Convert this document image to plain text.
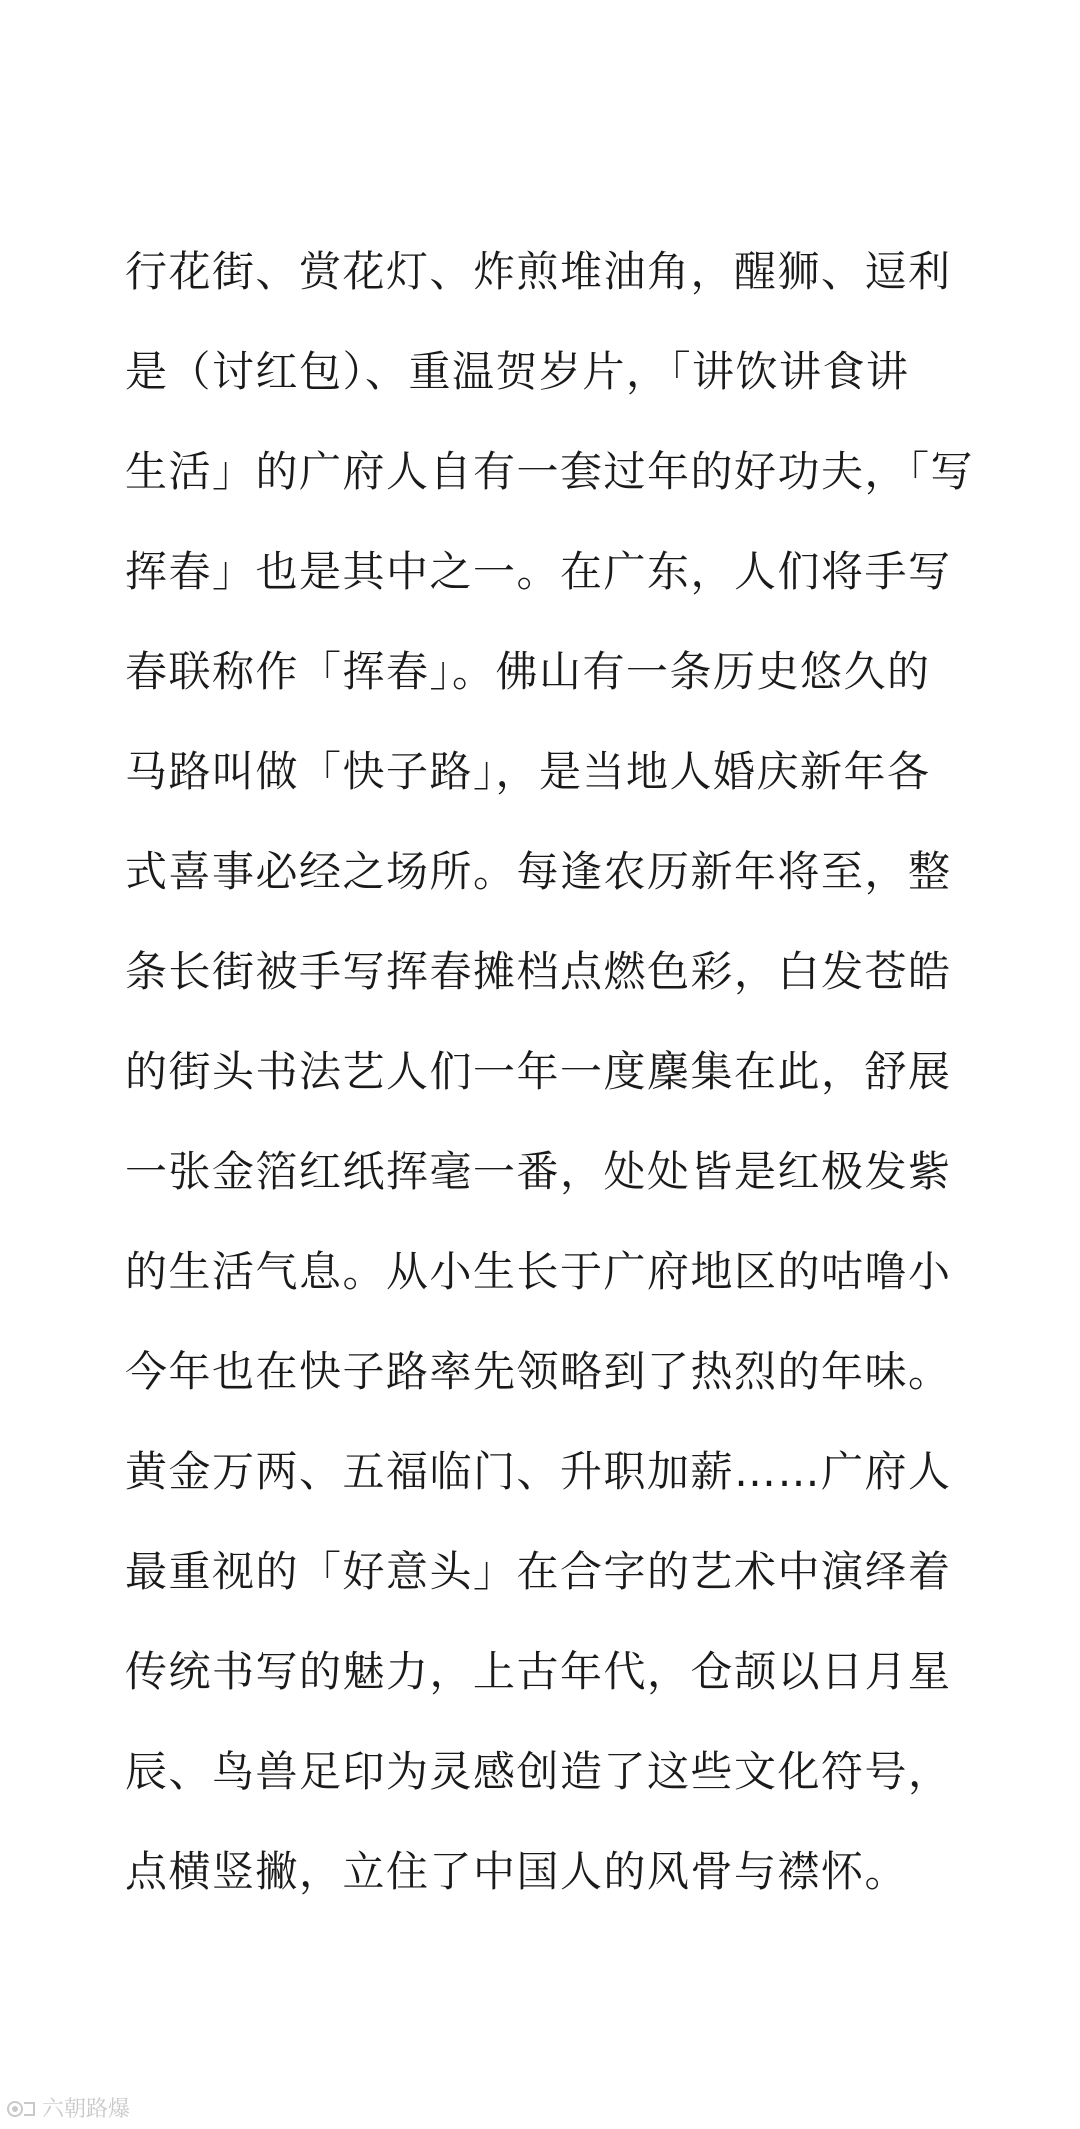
行花街、赏花灯、炸煎堆油角，醒狮、逗利
是（讨红包）、重温贺岁片，「讲饮讲食讲
生活」的广府人自有一套过年的好功夫，「写
挥春」也是其中之一。在广东，人们将手写
春联称作「挥春」。佛山有一条历史悠久的
马路叫做「快子路」，是当地人婚庆新年各
式喜事必经之场所。每逢农历新年将至，整
条长街被手写挥春摊档点燃色彩，白发苍皓
的街头书法艺人们一年一度麇集在此，舒展
一张金箔红纸挥毫一番，处处皆是红极发紫
的生活气息。从小生长于广府地区的咕噜小
今年也在快子路率先领略到了热烈的年味。
黄金万两、五福临门、升职加薪……广府人
最重视的「好意头」在合字的艺术中演绎着
传统书写的魅力，上古年代，仓颉以日月星
辰、鸟兽足印为灵感创造了这些文化符号，
点横竖撇，立住了中国人的风骨与襟怀。
六朝路爆
